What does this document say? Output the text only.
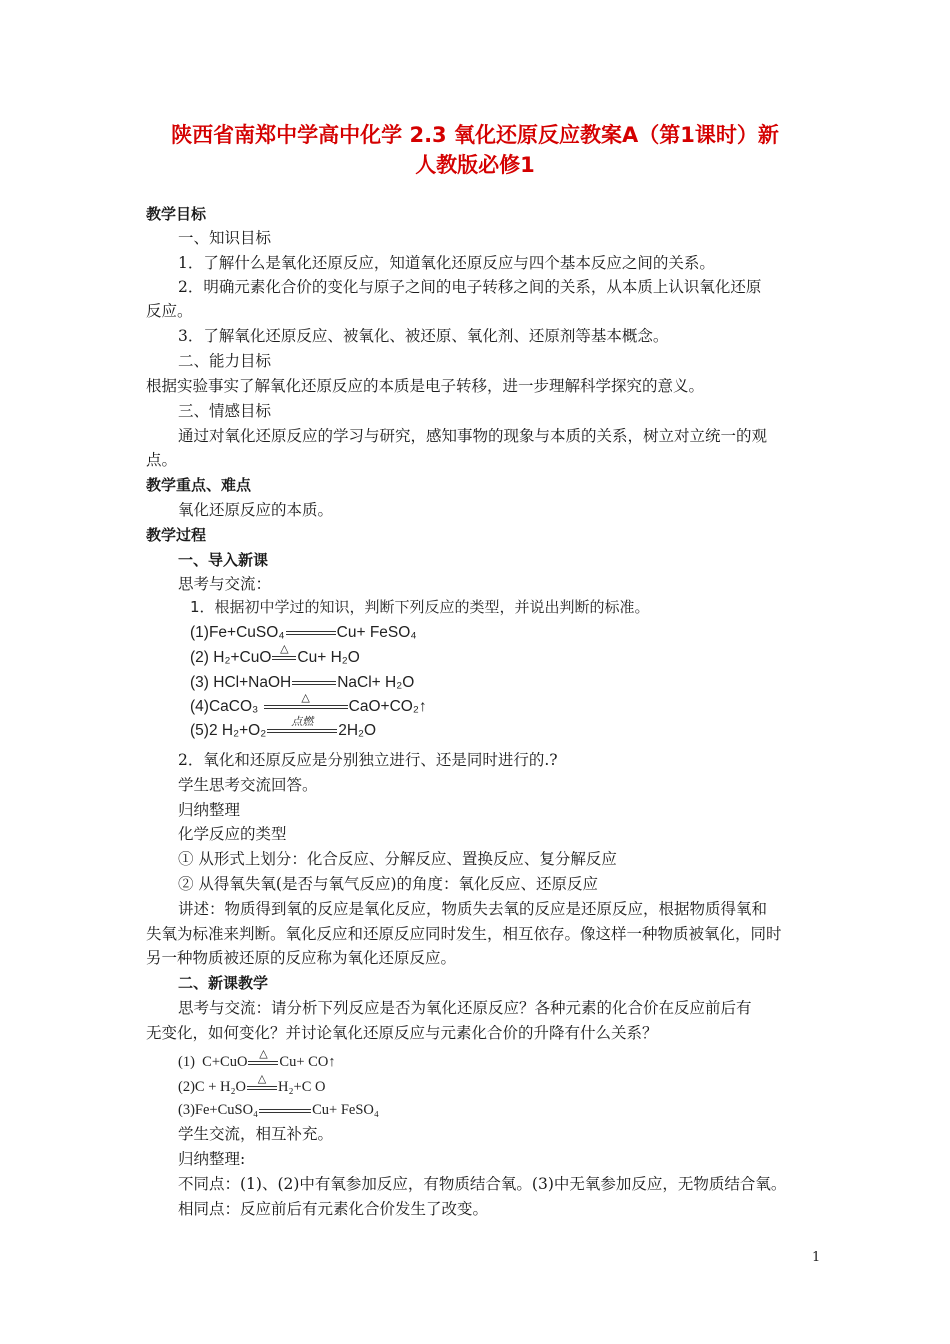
陕西省南郑中学高中化学 2.3 氧化还原反应教案A（第1课时）新
人教版必修1
教学目标
一、知识目标
1．了解什么是氧化还原反应，知道氧化还原反应与四个基本反应之间的关系。
2．明确元素化合价的变化与原子之间的电子转移之间的关系，从本质上认识氧化还原
反应。
3．了解氧化还原反应、被氧化、被还原、氧化剂、还原剂等基本概念。
二、能力目标
根据实验事实了解氧化还原反应的本质是电子转移，进一步理解科学探究的意义。
三、情感目标
通过对氧化还原反应的学习与研究，感知事物的现象与本质的关系，树立对立统一的观
点。
教学重点、难点
氧化还原反应的本质。
教学过程
一、导入新课
思考与交流：
1．根据初中学过的知识，判断下列反应的类型，并说出判断的标准。
(1)Fe+CuSO₄	Cu+ FeSO₄
(2) H₂+CuO
△
Cu+ H₂O
(3) HCl+NaOH	NaCl+ H₂O
(4)CaCO₃
△
CaO+CO₂↑
(5)2 H₂+O₂
点燃
2H₂O
2．氧化和还原反应是分别独立进行、还是同时进行的.?
学生思考交流回答。
归纳整理
化学反应的类型
① 从形式上划分：化合反应、分解反应、置换反应、复分解反应
② 从得氧失氧(是否与氧气反应)的角度：氧化反应、还原反应
讲述：物质得到氧的反应是氧化反应，物质失去氧的反应是还原反应，根据物质得氧和
失氧为标准来判断。氧化反应和还原反应同时发生，相互依存。像这样一种物质被氧化，同时
另一种物质被还原的反应称为氧化还原反应。
二、新课教学
思考与交流：请分析下列反应是否为氧化还原反应？各种元素的化合价在反应前后有
无变化，如何变化？并讨论氧化还原反应与元素化合价的升降有什么关系？
(1) C+CuO
△
Cu+ CO↑
(2)C + H₂O
△
H₂+C O
(3)Fe+CuSO₄	Cu+ FeSO₄
学生交流，相互补充。
归纳整理:
不同点：(1)、(2)中有氧参加反应，有物质结合氧。(3)中无氧参加反应，无物质结合氧。
相同点：反应前后有元素化合价发生了改变。
1
